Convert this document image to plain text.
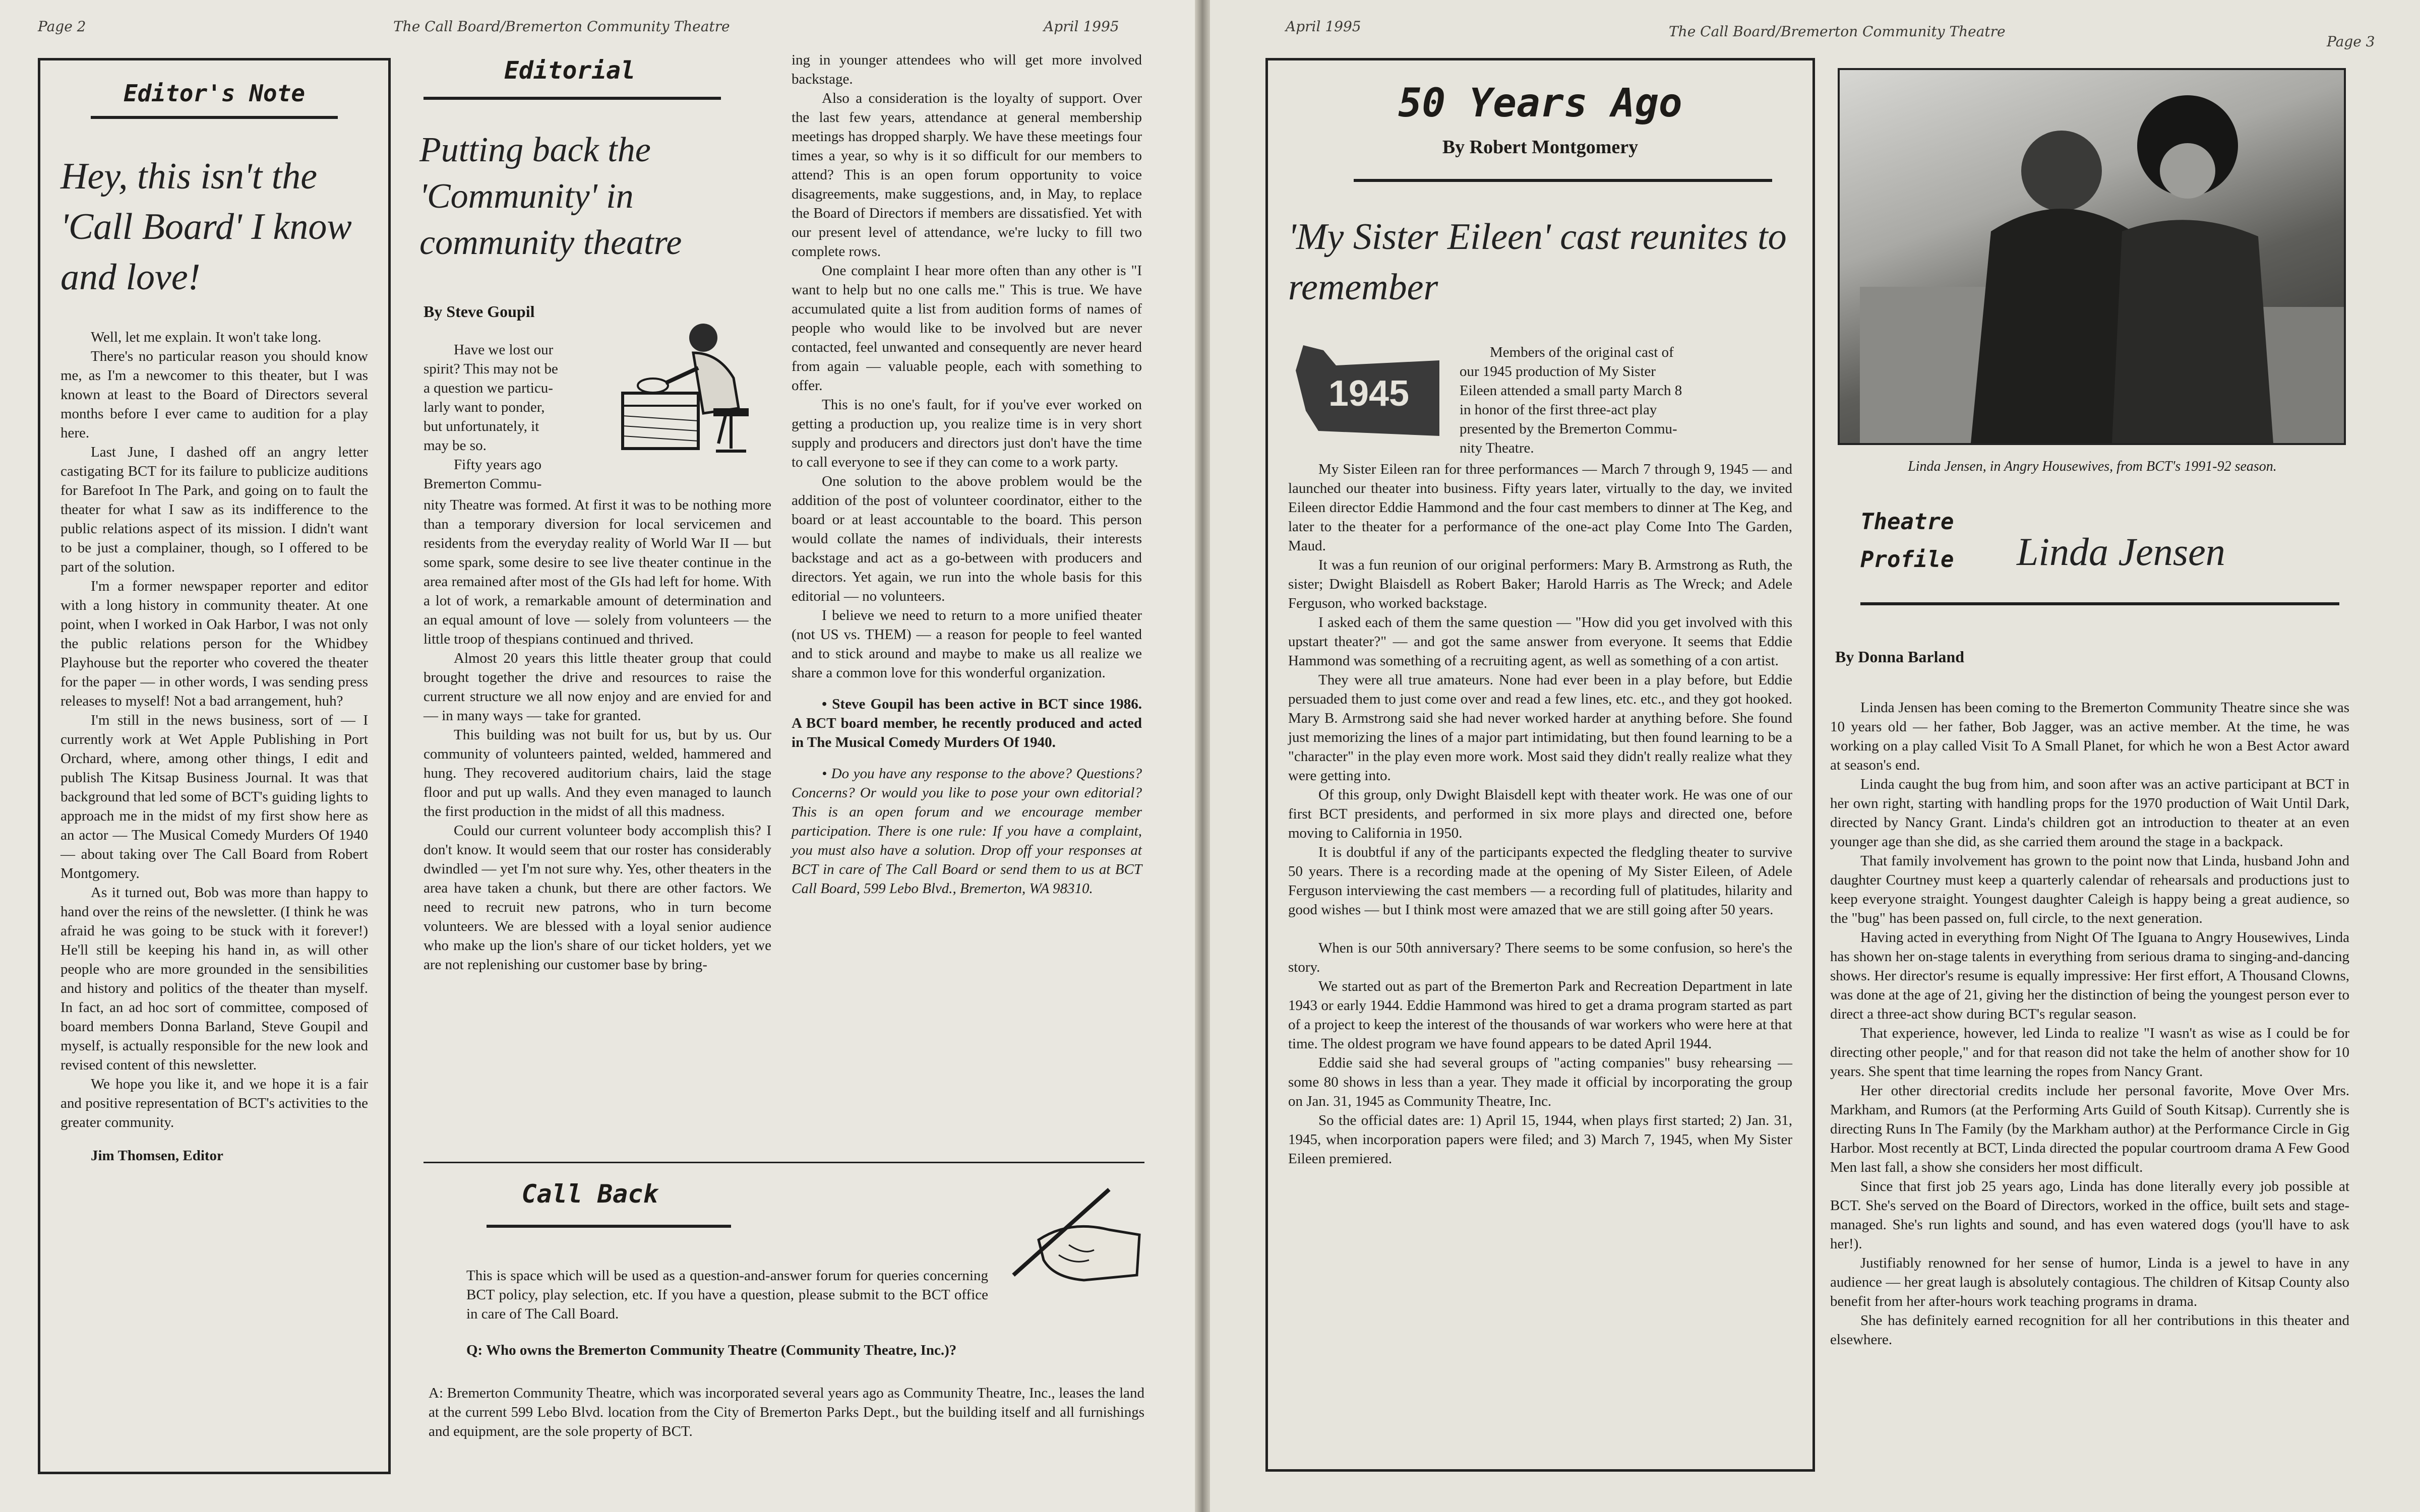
Page 2	The Call Board/Bremerton Community Theatre	April 1995
Editor's Note
Hey, this isn't the 'Call Board' I know and love!

Well, let me explain. It won't take long.

There's no particular reason you should know me, as I'm a newcomer to this theater, but I was known at least to the Board of Directors several months before I ever came to audition for a play here.

Last June, I dashed off an angry letter castigating BCT for its failure to publicize auditions for Barefoot In The Park, and going on to fault the theater for what I saw as its indifference to the public relations aspect of its mission. I didn't want to be just a complainer, though, so I offered to be part of the solution.

I'm a former newspaper reporter and editor with a long history in community theater. At one point, when I worked in Oak Harbor, I was not only the public relations person for the Whidbey Playhouse but the reporter who covered the theater for the paper — in other words, I was sending press releases to myself! Not a bad arrangement, huh?

I'm still in the news business, sort of — I currently work at Wet Apple Publishing in Port Orchard, where, among other things, I edit and publish The Kitsap Business Journal. It was that background that led some of BCT's guiding lights to approach me in the midst of my first show here as an actor — The Musical Comedy Murders Of 1940 — about taking over The Call Board from Robert Montgomery.

As it turned out, Bob was more than happy to hand over the reins of the newsletter. (I think he was afraid he was going to be stuck with it forever!) He'll still be keeping his hand in, as will other people who are more grounded in the sensibilities and history and politics of the theater than myself. In fact, an ad hoc sort of committee, composed of board members Donna Barland, Steve Goupil and myself, is actually responsible for the new look and revised content of this newsletter.

We hope you like it, and we hope it is a fair and positive representation of BCT's activities to the greater community.

Jim Thomsen, Editor

Editorial
Putting back the 'Community' in community theatre
By Steve Goupil

Have we lost our

spirit? This may not be

a question we particu-

larly want to ponder,

but unfortunately, it

may be so.

Fifty years ago

Bremerton Commu-

nity Theatre was formed. At first it was to be nothing more than a temporary diversion for local servicemen and residents from the everyday reality of World War II — but some spark, some desire to see live theater continue in the area remained after most of the GIs had left for home. With a lot of work, a remarkable amount of determination and an equal amount of love — solely from volunteers — the little troop of thespians continued and thrived.

Almost 20 years this little theater group that could brought together the drive and resources to raise the current structure we all now enjoy and are envied for and — in many ways — take for granted.

This building was not built for us, but by us. Our community of volunteers painted, welded, hammered and hung. They recovered auditorium chairs, laid the stage floor and put up walls. And they even managed to launch the first production in the midst of all this madness.

Could our current volunteer body accomplish this? I don't know. It would seem that our roster has considerably dwindled — yet I'm not sure why. Yes, other theaters in the area have taken a chunk, but there are other factors. We need to recruit new patrons, who in turn become volunteers. We are blessed with a loyal senior audience who make up the lion's share of our ticket holders, yet we are not replenishing our customer base by bring-

ing in younger attendees who will get more involved backstage.

Also a consideration is the loyalty of support. Over the last few years, attendance at general membership meetings has dropped sharply. We have these meetings four times a year, so why is it so difficult for our members to attend? This is an open forum opportunity to voice disagreements, make suggestions, and, in May, to replace the Board of Directors if members are dissatisfied. Yet with our present level of attendance, we're lucky to fill two complete rows.

One complaint I hear more often than any other is "I want to help but no one calls me." This is true. We have accumulated quite a list from audition forms of names of people who would like to be involved but are never contacted, feel unwanted and consequently are never heard from again — valuable people, each with something to offer.

This is no one's fault, for if you've ever worked on getting a production up, you realize time is in very short supply and producers and directors just don't have the time to call everyone to see if they can come to a work party.

One solution to the above problem would be the addition of the post of volunteer coordinator, either to the board or at least accountable to the board. This person would collate the names of individuals, their interests backstage and act as a go-between with producers and directors. Yet again, we run into the whole basis for this editorial — no volunteers.

I believe we need to return to a more unified theater (not US vs. THEM) — a reason for people to feel wanted and to stick around and maybe to make us all realize we share a common love for this wonderful organization.

• Steve Goupil has been active in BCT since 1986. A BCT board member, he recently produced and acted in The Musical Comedy Murders Of 1940.

• Do you have any response to the above? Questions? Concerns? Or would you like to pose your own editorial? This is an open forum and we encourage member participation. There is one rule: If you have a complaint, you must also have a solution. Drop off your responses at BCT in care of The Call Board or send them to us at BCT Call Board, 599 Lebo Blvd., Bremerton, WA 98310.

Call Back

This is space which will be used as a question-and-answer forum for queries concerning BCT policy, play selection, etc. If you have a question, please submit to the BCT office in care of The Call Board.

Q: Who owns the Bremerton Community Theatre (Community Theatre, Inc.)?

A: Bremerton Community Theatre, which was incorporated several years ago as Community Theatre, Inc., leases the land at the current 599 Lebo Blvd. location from the City of Bremerton Parks Dept., but the building itself and all furnishings and equipment, are the sole property of BCT.

April 1995	The Call Board/Bremerton Community Theatre
Page 3
50 Years Ago
By Robert Montgomery
'My Sister Eileen' cast reunites to remember
1945

Members of the original cast of

our 1945 production of My Sister

Eileen attended a small party March 8

in honor of the first three-act play

presented by the Bremerton Commu-

nity Theatre.

My Sister Eileen ran for three performances — March 7 through 9, 1945 — and launched our theater into business. Fifty years later, virtually to the day, we invited Eileen director Eddie Hammond and the four cast members to dinner at The Keg, and later to the theater for a performance of the one-act play Come Into The Garden, Maud.

It was a fun reunion of our original performers: Mary B. Armstrong as Ruth, the sister; Dwight Blaisdell as Robert Baker; Harold Harris as The Wreck; and Adele Ferguson, who worked backstage.

I asked each of them the same question — "How did you get involved with this upstart theater?" — and got the same answer from everyone. It seems that Eddie Hammond was something of a recruiting agent, as well as something of a con artist.

They were all true amateurs. None had ever been in a play before, but Eddie persuaded them to just come over and read a few lines, etc. etc., and they got hooked. Mary B. Armstrong said she had never worked harder at anything before. She found just memorizing the lines of a major part intimidating, but then found learning to be a "character" in the play even more work. Most said they didn't really realize what they were getting into.

Of this group, only Dwight Blaisdell kept with theater work. He was one of our first BCT presidents, and performed in six more plays and directed one, before moving to California in 1950.

It is doubtful if any of the participants expected the fledgling theater to survive 50 years. There is a recording made at the opening of My Sister Eileen, of Adele Ferguson interviewing the cast members — a recording full of platitudes, hilarity and good wishes — but I think most were amazed that we are still going after 50 years.

When is our 50th anniversary? There seems to be some confusion, so here's the story.

We started out as part of the Bremerton Park and Recreation Department in late 1943 or early 1944. Eddie Hammond was hired to get a drama program started as part of a project to keep the interest of the thousands of war workers who were here at that time. The oldest program we have found appears to be dated April 1944.

Eddie said she had several groups of "acting companies" busy rehearsing — some 80 shows in less than a year. They made it official by incorporating the group on Jan. 31, 1945 as Community Theatre, Inc.

So the official dates are: 1) April 15, 1944, when plays first started; 2) Jan. 31, 1945, when incorporation papers were filed; and 3) March 7, 1945, when My Sister Eileen premiered.

Linda Jensen, in Angry Housewives, from BCT's 1991-92 season.
Theatre
Profile Linda Jensen
By Donna Barland

Linda Jensen has been coming to the Bremerton Community Theatre since she was 10 years old — her father, Bob Jagger, was an active member. At the time, he was working on a play called Visit To A Small Planet, for which he won a Best Actor award at season's end.

Linda caught the bug from him, and soon after was an active participant at BCT in her own right, starting with handling props for the 1970 production of Wait Until Dark, directed by Nancy Grant. Linda's children got an introduction to theater at an even younger age than she did, as she carried them around the stage in a backpack.

That family involvement has grown to the point now that Linda, husband John and daughter Courtney must keep a quarterly calendar of rehearsals and productions just to keep everyone straight. Youngest daughter Caleigh is happy being a great audience, so the "bug" has been passed on, full circle, to the next generation.

Having acted in everything from Night Of The Iguana to Angry Housewives, Linda has shown her on-stage talents in everything from serious drama to singing-and-dancing shows. Her director's resume is equally impressive: Her first effort, A Thousand Clowns, was done at the age of 21, giving her the distinction of being the youngest person ever to direct a three-act show during BCT's regular season.

That experience, however, led Linda to realize "I wasn't as wise as I could be for directing other people," and for that reason did not take the helm of another show for 10 years. She spent that time learning the ropes from Nancy Grant.

Her other directorial credits include her personal favorite, Move Over Mrs. Markham, and Rumors (at the Performing Arts Guild of South Kitsap). Currently she is directing Runs In The Family (by the Markham author) at the Performance Circle in Gig Harbor. Most recently at BCT, Linda directed the popular courtroom drama A Few Good Men last fall, a show she considers her most difficult.

Since that first job 25 years ago, Linda has done literally every job possible at BCT. She's served on the Board of Directors, worked in the office, built sets and stage-managed. She's run lights and sound, and has even watered dogs (you'll have to ask her!).

Justifiably renowned for her sense of humor, Linda is a jewel to have in any audience — her great laugh is absolutely contagious. The children of Kitsap County also benefit from her after-hours work teaching programs in drama.

She has definitely earned recognition for all her contributions in this theater and elsewhere.
